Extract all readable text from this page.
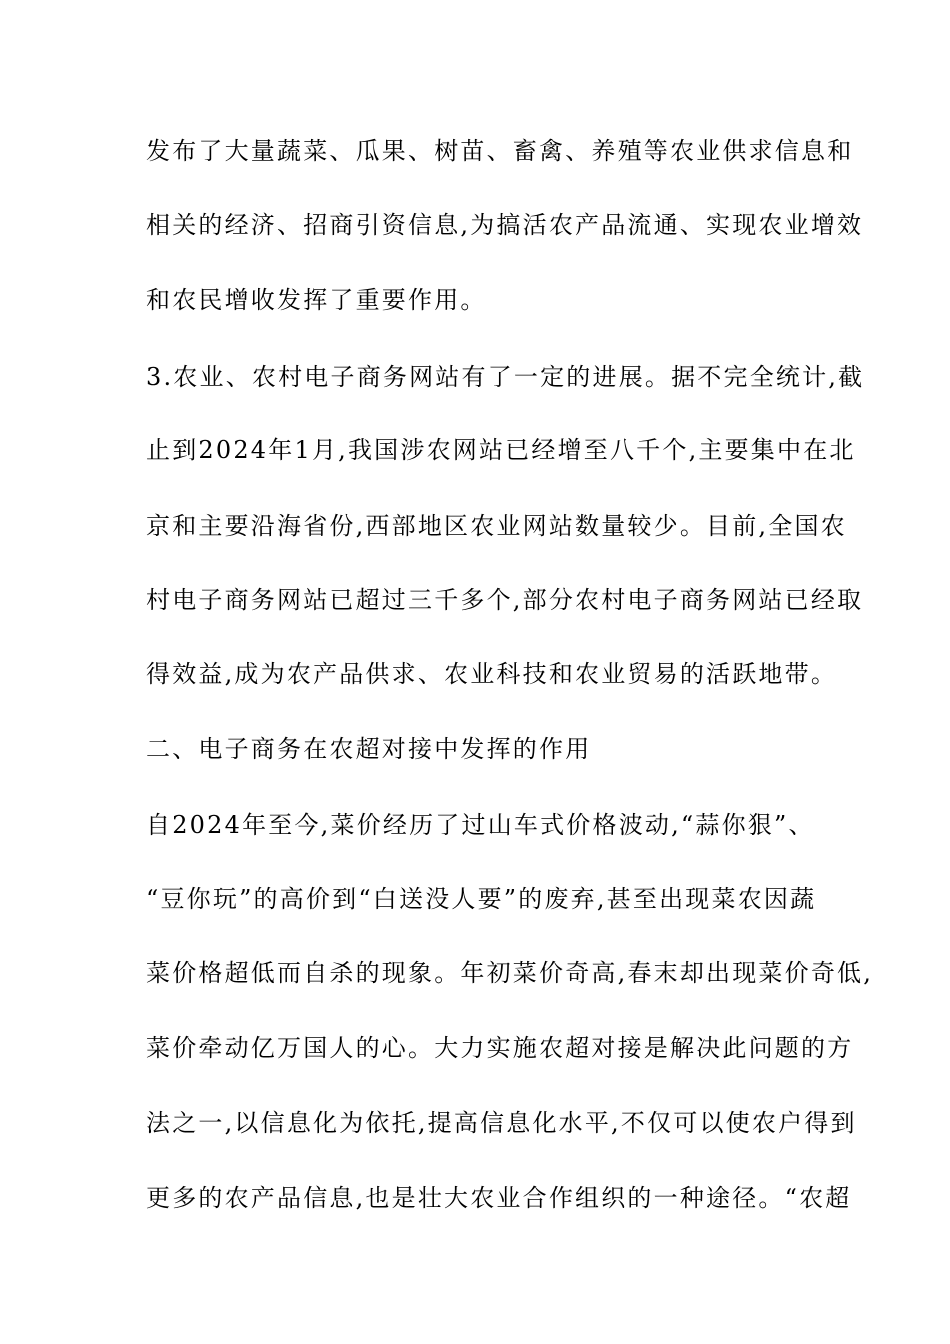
发布了大量蔬菜、瓜果、树苗、畜禽、养殖等农业供求信息和
相关的经济、招商引资信息,为搞活农产品流通、实现农业增效
和农民增收发挥了重要作用。
3.农业、农村电子商务网站有了一定的进展。据不完全统计,截
止到2024年1月,我国涉农网站已经增至八千个,主要集中在北
京和主要沿海省份,西部地区农业网站数量较少。目前,全国农
村电子商务网站已超过三千多个,部分农村电子商务网站已经取
得效益,成为农产品供求、农业科技和农业贸易的活跃地带。
二、电子商务在农超对接中发挥的作用
自2024年至今,菜价经历了过山车式价格波动,“蒜你狠”、
“豆你玩”的高价到“白送没人要”的废弃,甚至出现菜农因蔬
菜价格超低而自杀的现象。年初菜价奇高,春末却出现菜价奇低,
菜价牵动亿万国人的心。大力实施农超对接是解决此问题的方
法之一,以信息化为依托,提高信息化水平,不仅可以使农户得到
更多的农产品信息,也是壮大农业合作组织的一种途径。“农超
